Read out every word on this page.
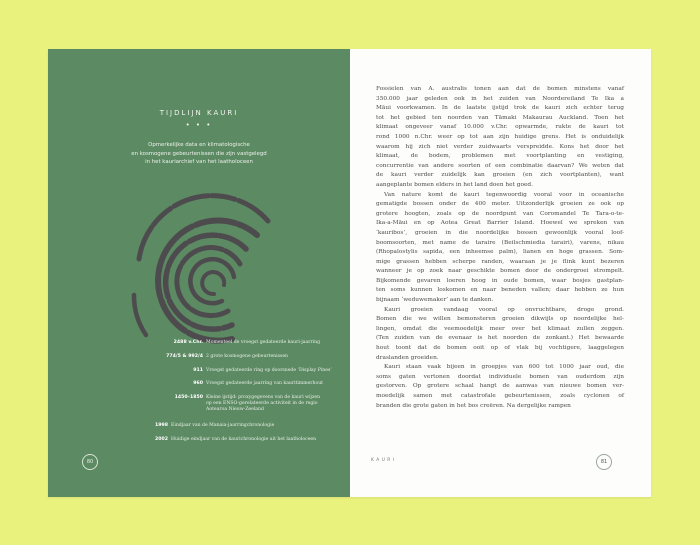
TIJDLIJN KAURI
• • •
Opmerkelijke data en klimatologische
en kosmogene gebeurtenissen die zijn vastgelegd
in het kauriarchief van het laatholoceen
2488 v.Chr. Momenteel de vroegst gedateerde kauri-jaarring
774/5 & 992/4 2 grote kosmogene gebeurtenissen
911 Vroegst gedateerde ring op doorsnede ‘Display Pines’
960 Vroegst gedateerde jaarring van kauritimmerhout
1450–1850 Kleine ijstijd: proxygegevens van de kauri wijzen
op een ENSO-gerelateerde activiteit in de regio
Aotearoa Nieuw-Zeeland
1998 Eindjaar van de Manaia-jaarringchronologie
2002 Huidige eindjaar van de kaurichronologie uit het laatholoceen
80
Fossielen van A. australis tonen aan dat de bomen minstens vanaf
350.000 jaar geleden ook in het zuiden van Noordereiland Te Ika a
Māui voorkwamen. In de laatste ijstijd trok de kauri zich echter terug
tot het gebied ten noorden van Tāmaki Makaurau Auckland. Toen het
klimaat ongeveer vanaf 10.000 v.Chr. opwarmde, rukte de kauri tot
rond 1000 n.Chr. weer op tot aan zijn huidige grens. Het is onduidelijk
waarom hij zich niet verder zuidwaarts verspreidde. Kons het door het
klimaat, de bodem, problemen met voortplanting en vestiging,
concurrentie van andere soorten of een combinatie daarvan? We weten dat
de kauri verder zuidelijk kan groeien (en zich voortplanten), want
aangeplante bomen elders in het land doen het goed.
Van nature komt de kauri tegenwoordig vooral voor in oceanische
gematigde bossen onder de 400 meter. Uitzonderlijk groeien ze ook op
grotere hoogten, zoals op de noordpunt van Coromandel Te Tara-o-te-
Ika-a-Māui en op Aotea Great Barrier Island. Hoewel we spreken van
‘kauribos’, groeien in die noordelijke bossen gewoonlijk vooral loof-
boomsoorten, met name de taraire (Beilschmiedia tarairi), varens, nikau
(Rhopalostylis sapida, een inheemse palm), lianen en hoge grassen. Som-
mige grassen hebben scherpe randen, waaraan je je flink kunt bezeren
wanneer je op zoek naar geschikte bomen door de ondergroei strompelt.
Bijkomende gevaren loeren hoog in oude bomen, waar bosjes gastplan-
ten soms kunnen loskomen en naar beneden vallen; daar hebben ze hun
bijnaam ‘weduwemaker’ aan te danken.
Kauri groeien vandaag vooral op onvruchtbare, droge grond.
Bomen die we willen bemonsteren groeien dikwijls op noordelijke hel-
lingen, omdat die veemoedelijk meer over het klimaat zullen zeggen.
(Ten zuiden van de evenaar is het noorden de zonkant.) Het bewaarde
hout toont dat de bomen ooit op of vlak bij vochtigere, laaggelegen
draslanden groeiden.
Kauri staan vaak bijeen in groepjes van 600 tot 1000 jaar oud, die
soms gaten vertonen doordat individuele bomen van ouderdom zijn
gestorven. Op grotere schaal hangt de aanwas van nieuwe bomen ver-
moedelijk samen met catastrofale gebeurtenissen, zoals cyclonen of
branden die grote gaten in het bos creëren. Na dergelijke rampen
KAURI	81
